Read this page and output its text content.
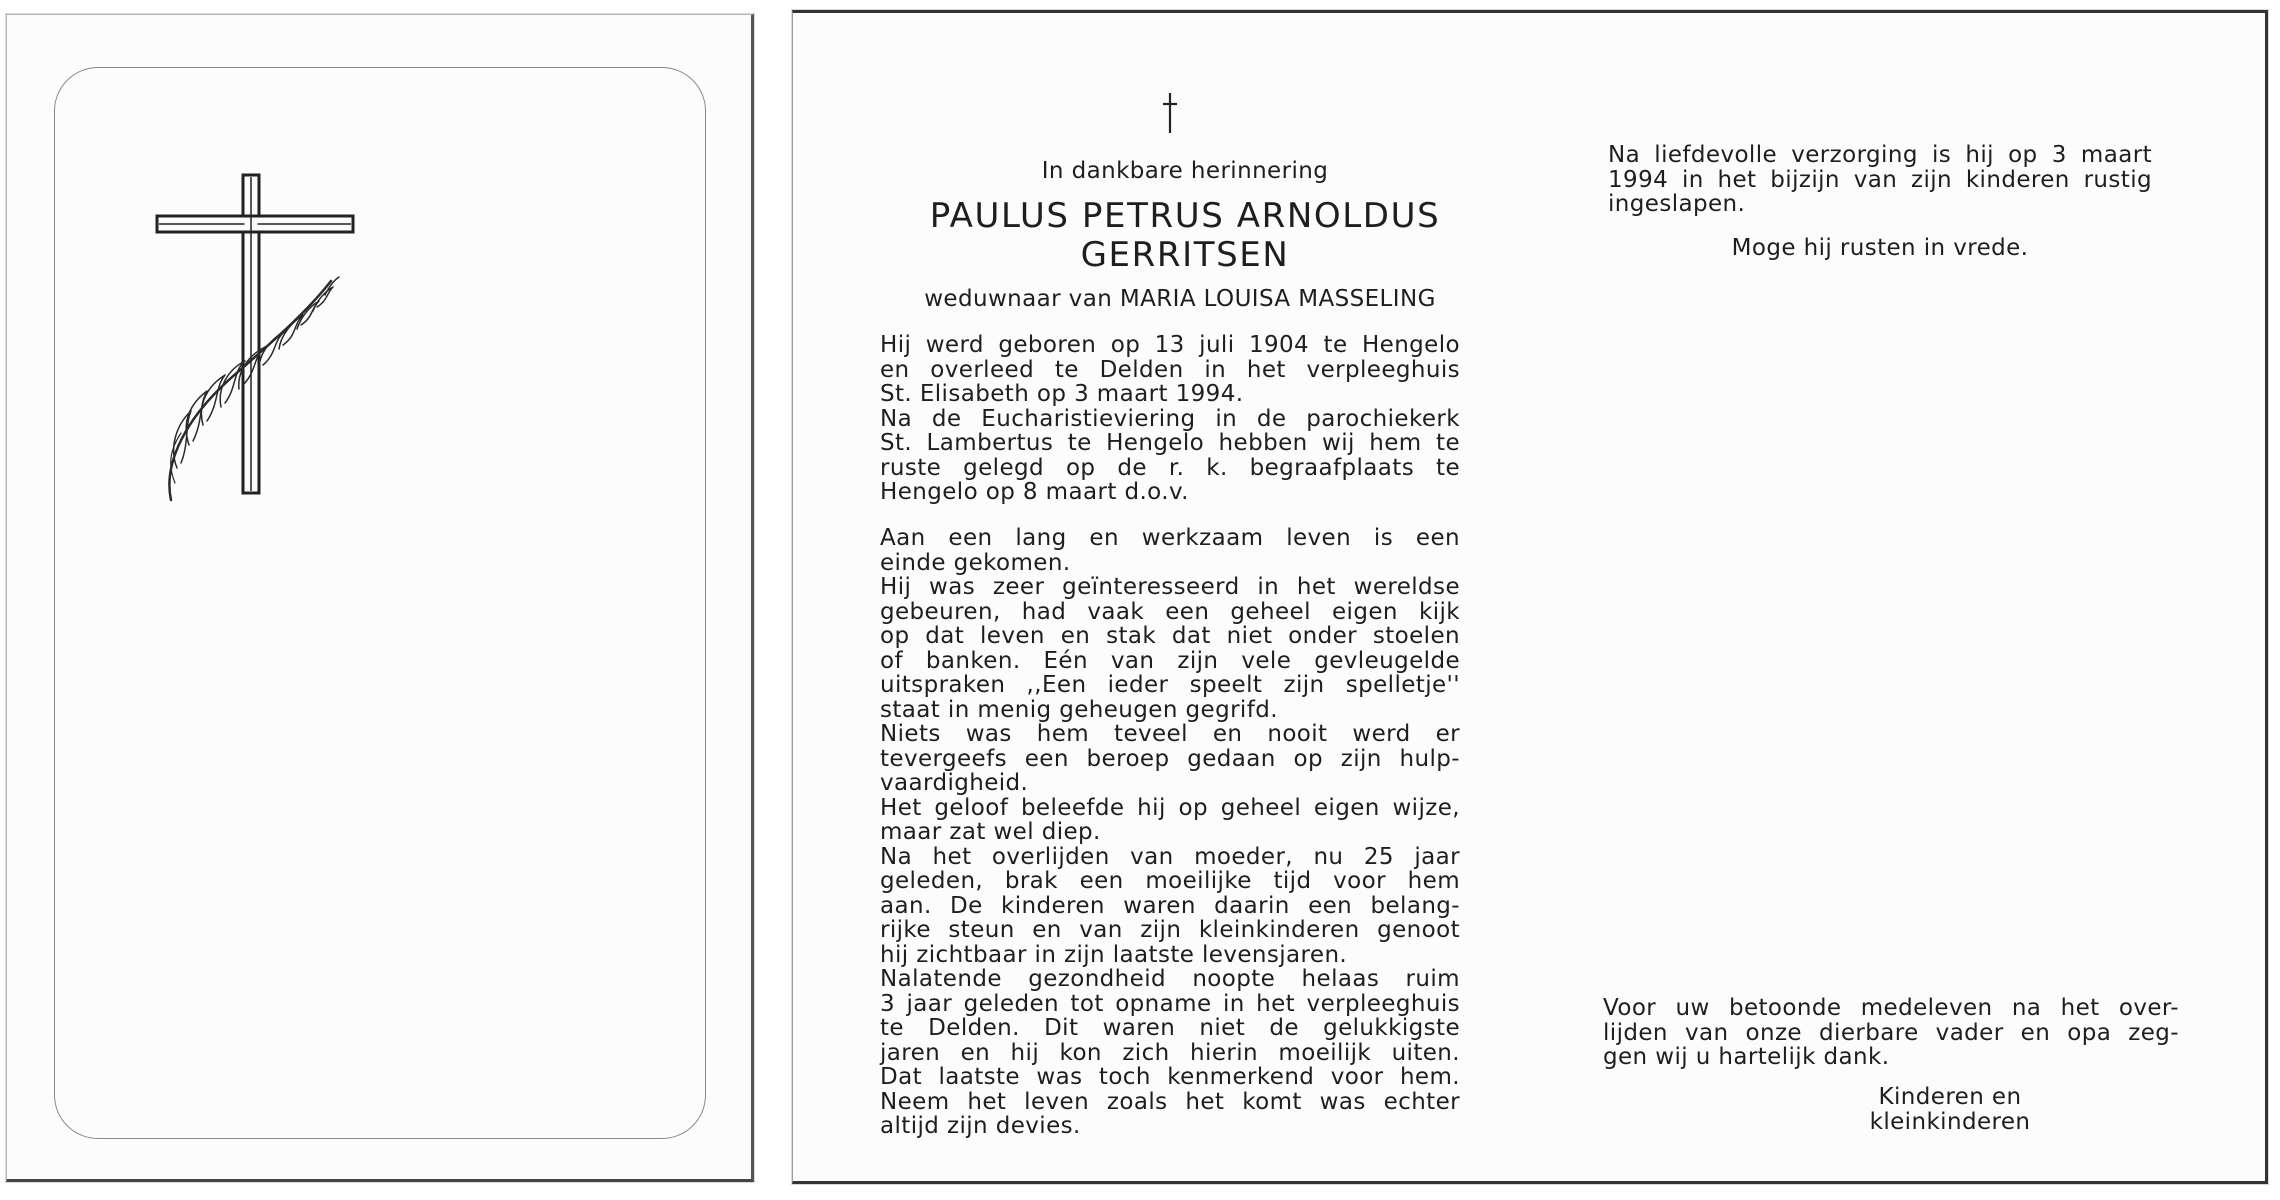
In dankbare herinnering
PAULUS PETRUS ARNOLDUS
GERRITSEN
weduwnaar van MARIA LOUISA MASSELING
Hij werd geboren op 13 juli 1904 te Hengelo
en overleed te Delden in het verpleeghuis
St. Elisabeth op 3 maart 1994.
Na de Eucharistieviering in de parochiekerk
St. Lambertus te Hengelo hebben wij hem te
ruste gelegd op de r. k. begraafplaats te
Hengelo op 8 maart d.o.v.
Aan een lang en werkzaam leven is een
einde gekomen.
Hij was zeer geïnteresseerd in het wereldse
gebeuren, had vaak een geheel eigen kijk
op dat leven en stak dat niet onder stoelen
of banken. Eén van zijn vele gevleugelde
uitspraken ,,Een ieder speelt zijn spelletje''
staat in menig geheugen gegrifd.
Niets was hem teveel en nooit werd er
tevergeefs een beroep gedaan op zijn hulp-
vaardigheid.
Het geloof beleefde hij op geheel eigen wijze,
maar zat wel diep.
Na het overlijden van moeder, nu 25 jaar
geleden, brak een moeilijke tijd voor hem
aan. De kinderen waren daarin een belang-
rijke steun en van zijn kleinkinderen genoot
hij zichtbaar in zijn laatste levensjaren.
Nalatende gezondheid noopte helaas ruim
3 jaar geleden tot opname in het verpleeghuis
te Delden. Dit waren niet de gelukkigste
jaren en hij kon zich hierin moeilijk uiten.
Dat laatste was toch kenmerkend voor hem.
Neem het leven zoals het komt was echter
altijd zijn devies.
Na liefdevolle verzorging is hij op 3 maart
1994 in het bijzijn van zijn kinderen rustig
ingeslapen.
Moge hij rusten in vrede.
Voor uw betoonde medeleven na het over-
lijden van onze dierbare vader en opa zeg-
gen wij u hartelijk dank.
Kinderen en kleinkinderen
